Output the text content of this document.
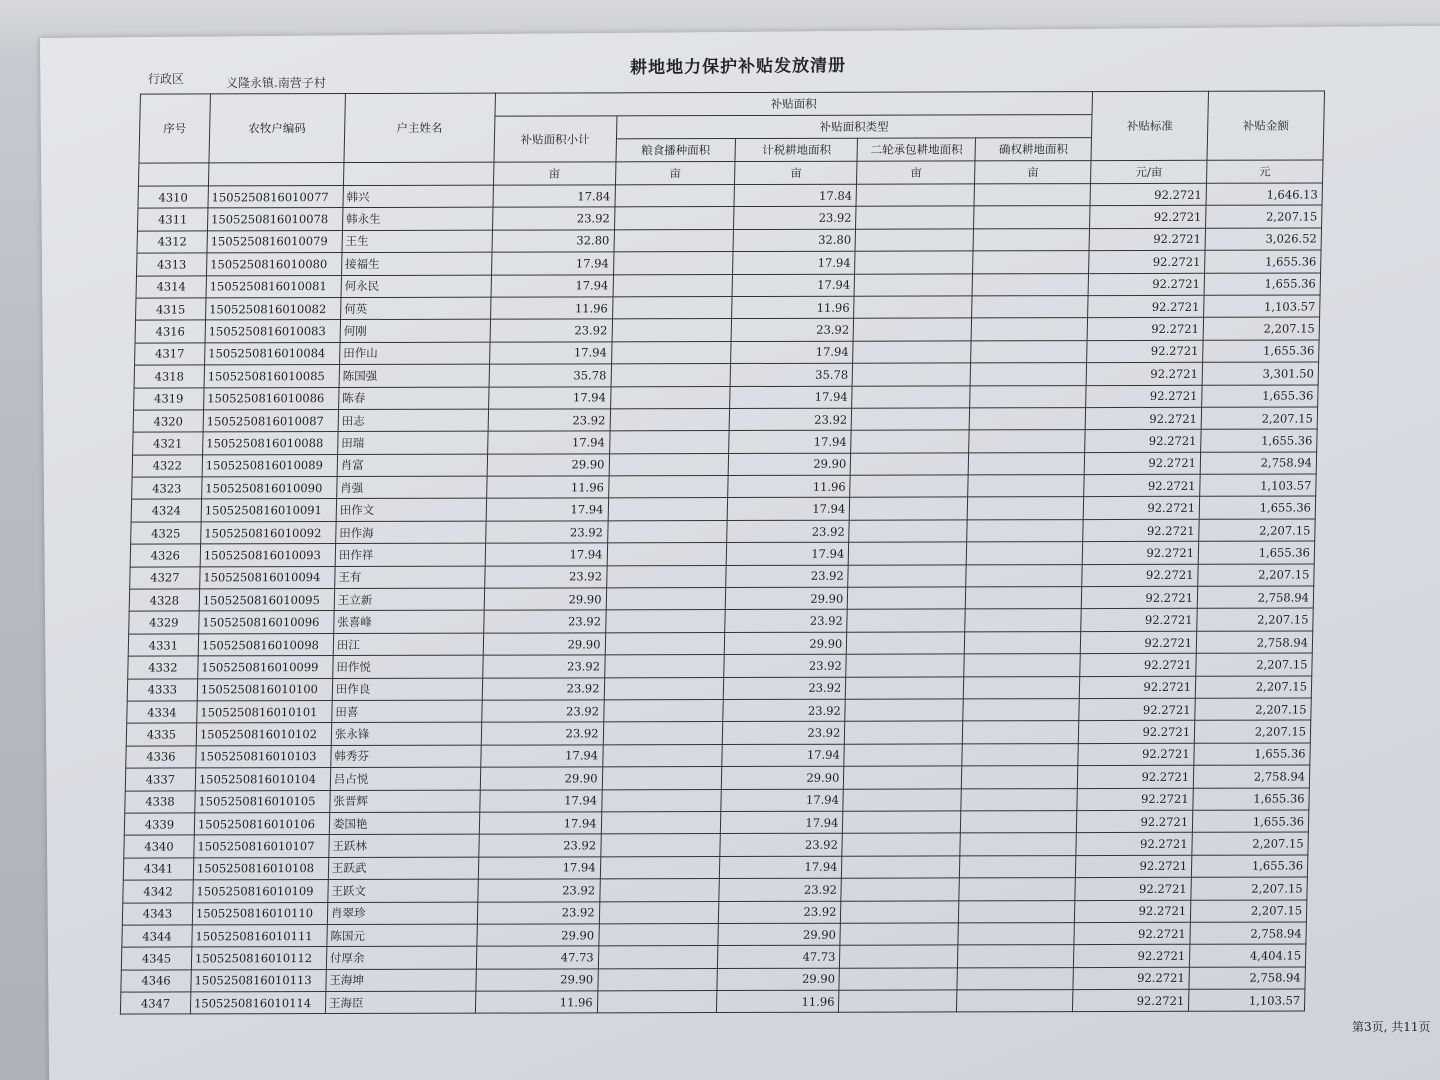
耕地地力保护补贴发放清册
行政区	义隆永镇.南营子村
序号	农牧户编码	户主姓名	补贴面积					补贴标准	补贴金额
			补贴面积小计	补贴面积类型					
				粮食播种面积	计税耕地面积	二轮承包耕地面积	确权耕地面积		
			亩	亩	亩	亩	亩	元/亩	元
4310	1505250816010077	韩兴	17.84		17.84			92.2721	1,646.13
4311	1505250816010078	韩永生	23.92		23.92			92.2721	2,207.15
4312	1505250816010079	王生	32.80		32.80			92.2721	3,026.52
4313	1505250816010080	接福生	17.94		17.94			92.2721	1,655.36
4314	1505250816010081	何永民	17.94		17.94			92.2721	1,655.36
4315	1505250816010082	何英	11.96		11.96			92.2721	1,103.57
4316	1505250816010083	何刚	23.92		23.92			92.2721	2,207.15
4317	1505250816010084	田作山	17.94		17.94			92.2721	1,655.36
4318	1505250816010085	陈国强	35.78		35.78			92.2721	3,301.50
4319	1505250816010086	陈春	17.94		17.94			92.2721	1,655.36
4320	1505250816010087	田志	23.92		23.92			92.2721	2,207.15
4321	1505250816010088	田瑞	17.94		17.94			92.2721	1,655.36
4322	1505250816010089	肖富	29.90		29.90			92.2721	2,758.94
4323	1505250816010090	肖强	11.96		11.96			92.2721	1,103.57
4324	1505250816010091	田作文	17.94		17.94			92.2721	1,655.36
4325	1505250816010092	田作海	23.92		23.92			92.2721	2,207.15
4326	1505250816010093	田作祥	17.94		17.94			92.2721	1,655.36
4327	1505250816010094	王有	23.92		23.92			92.2721	2,207.15
4328	1505250816010095	王立新	29.90		29.90			92.2721	2,758.94
4329	1505250816010096	张喜峰	23.92		23.92			92.2721	2,207.15
4331	1505250816010098	田江	29.90		29.90			92.2721	2,758.94
4332	1505250816010099	田作悦	23.92		23.92			92.2721	2,207.15
4333	1505250816010100	田作良	23.92		23.92			92.2721	2,207.15
4334	1505250816010101	田喜	23.92		23.92			92.2721	2,207.15
4335	1505250816010102	张永锋	23.92		23.92			92.2721	2,207.15
4336	1505250816010103	韩秀芬	17.94		17.94			92.2721	1,655.36
4337	1505250816010104	吕占悦	29.90		29.90			92.2721	2,758.94
4338	1505250816010105	张晋辉	17.94		17.94			92.2721	1,655.36
4339	1505250816010106	娄国艳	17.94		17.94			92.2721	1,655.36
4340	1505250816010107	王跃林	23.92		23.92			92.2721	2,207.15
4341	1505250816010108	王跃武	17.94		17.94			92.2721	1,655.36
4342	1505250816010109	王跃文	23.92		23.92			92.2721	2,207.15
4343	1505250816010110	肖翠珍	23.92		23.92			92.2721	2,207.15
4344	1505250816010111	陈国元	29.90		29.90			92.2721	2,758.94
4345	1505250816010112	付厚余	47.73		47.73			92.2721	4,404.15
4346	1505250816010113	王海坤	29.90		29.90			92.2721	2,758.94
4347	1505250816010114	王海臣	11.96		11.96			92.2721	1,103.57
第3页, 共11页
